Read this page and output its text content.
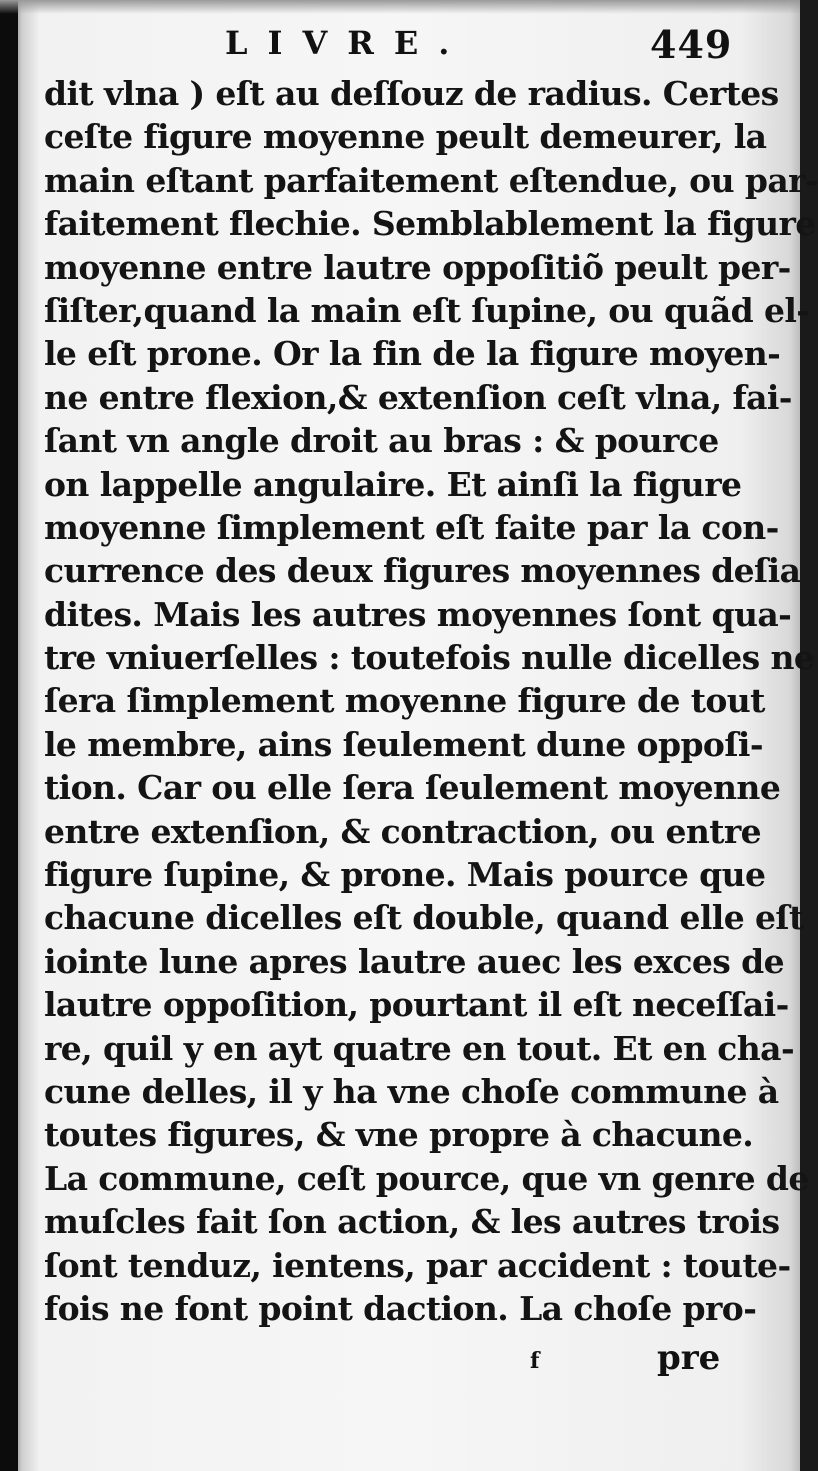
LIVRE.	449
dit vlna ) eſt au deſſouz de radius. Certes
ceſte figure moyenne peult demeurer, la
main eſtant parfaitement eſtendue, ou par-
faitement flechie. Semblablement la figure
moyenne entre lautre oppoſitiõ peult per-
ſiſter,quand la main eſt ſupine, ou quãd el-
le eſt prone. Or la fin de la figure moyen-
ne entre flexion,& extenſion ceſt vlna, fai-
ſant vn angle droit au bras : & pource
on lappelle angulaire. Et ainſi la figure
moyenne ſimplement eſt faite par la con-
currence des deux figures moyennes deſia
dites. Mais les autres moyennes ſont qua-
tre vniuerſelles : toutefois nulle dicelles ne
ſera ſimplement moyenne figure de tout
le membre, ains ſeulement dune oppoſi-
tion. Car ou elle ſera ſeulement moyenne
entre extenſion, & contraction, ou entre
figure ſupine, & prone. Mais pource que
chacune dicelles eſt double, quand elle eſt
iointe lune apres lautre auec les exces de
lautre oppoſition, pourtant il eſt neceſſai-
re, quil y en ayt quatre en tout. Et en cha-
cune delles, il y ha vne choſe commune à
toutes figures, & vne propre à chacune.
La commune, ceſt pource, que vn genre de
muſcles fait ſon action, & les autres trois
ſont tenduz, ientens, par accident : toute-
fois ne font point daction. La choſe pro-
f	pre
